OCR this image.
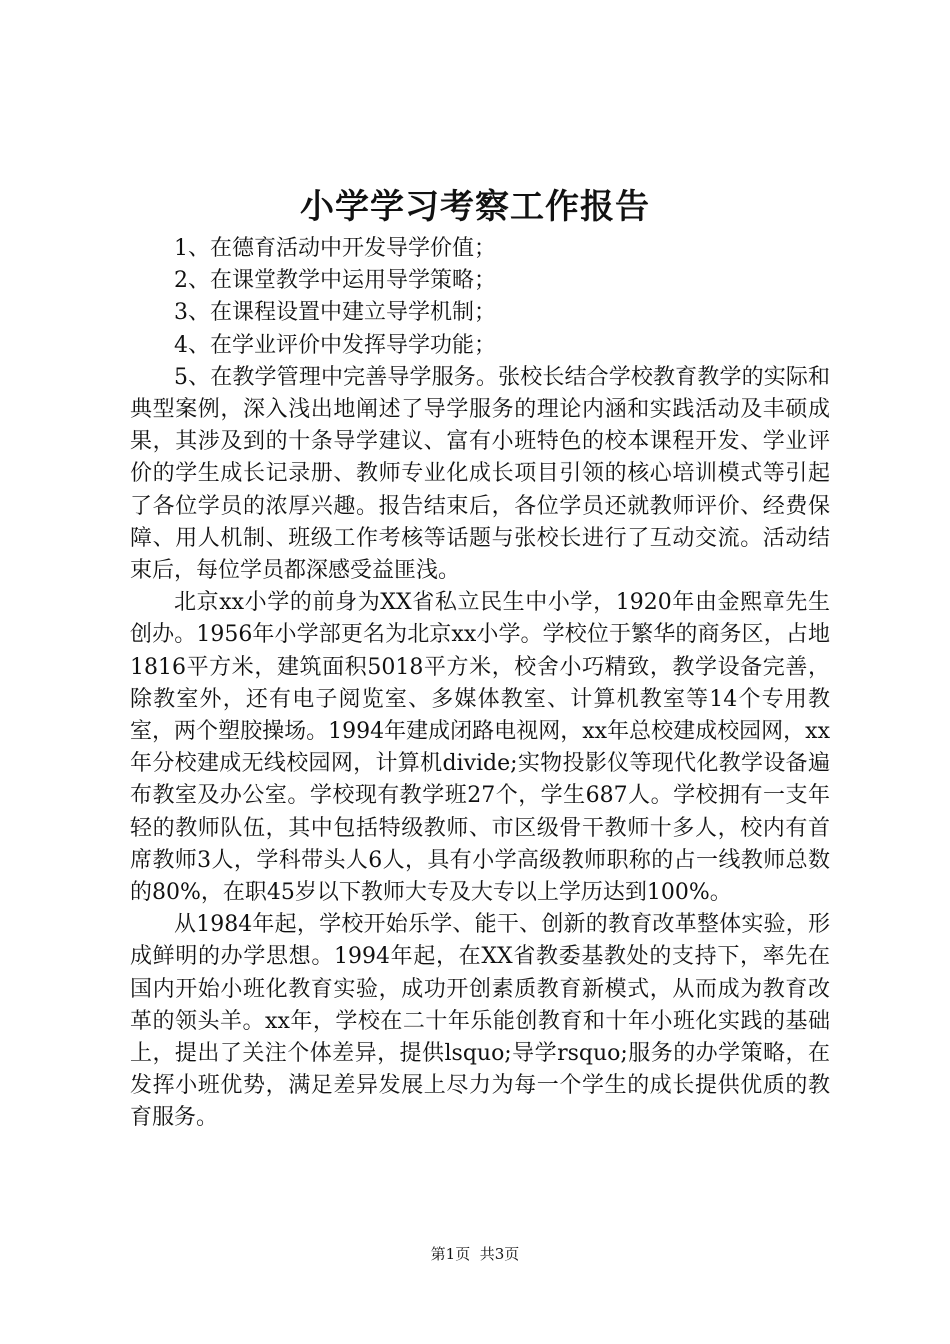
小学学习考察工作报告

1、在德育活动中开发导学价值；

2、在课堂教学中运用导学策略；

3、在课程设置中建立导学机制；

4、在学业评价中发挥导学功能；

5、在教学管理中完善导学服务。张校长结合学校教育教学的实际和典型案例，深入浅出地阐述了导学服务的理论内涵和实践活动及丰硕成果，其涉及到的十条导学建议、富有小班特色的校本课程开发、学业评价的学生成长记录册、教师专业化成长项目引领的核心培训模式等引起了各位学员的浓厚兴趣。报告结束后，各位学员还就教师评价、经费保障、用人机制、班级工作考核等话题与张校长进行了互动交流。活动结束后，每位学员都深感受益匪浅。

北京xx小学的前身为XX省私立民生中小学，1920年由金熙章先生创办。1956年小学部更名为北京xx小学。学校位于繁华的商务区，占地1816平方米，建筑面积5018平方米，校舍小巧精致，教学设备完善，除教室外，还有电子阅览室、多媒体教室、计算机教室等14个专用教室，两个塑胶操场。1994年建成闭路电视网，xx年总校建成校园网，xx年分校建成无线校园网，计算机divide;实物投影仪等现代化教学设备遍布教室及办公室。学校现有教学班27个，学生687人。学校拥有一支年轻的教师队伍，其中包括特级教师、市区级骨干教师十多人，校内有首席教师3人，学科带头人6人，具有小学高级教师职称的占一线教师总数的80%，在职45岁以下教师大专及大专以上学历达到100%。

从1984年起，学校开始乐学、能干、创新的教育改革整体实验，形成鲜明的办学思想。1994年起，在XX省教委基教处的支持下，率先在国内开始小班化教育实验，成功开创素质教育新模式，从而成为教育改革的领头羊。xx年，学校在二十年乐能创教育和十年小班化实践的基础上，提出了关注个体差异，提供lsquo;导学rsquo;服务的办学策略，在发挥小班优势，满足差异发展上尽力为每一个学生的成长提供优质的教育服务。

第1页 共3页
